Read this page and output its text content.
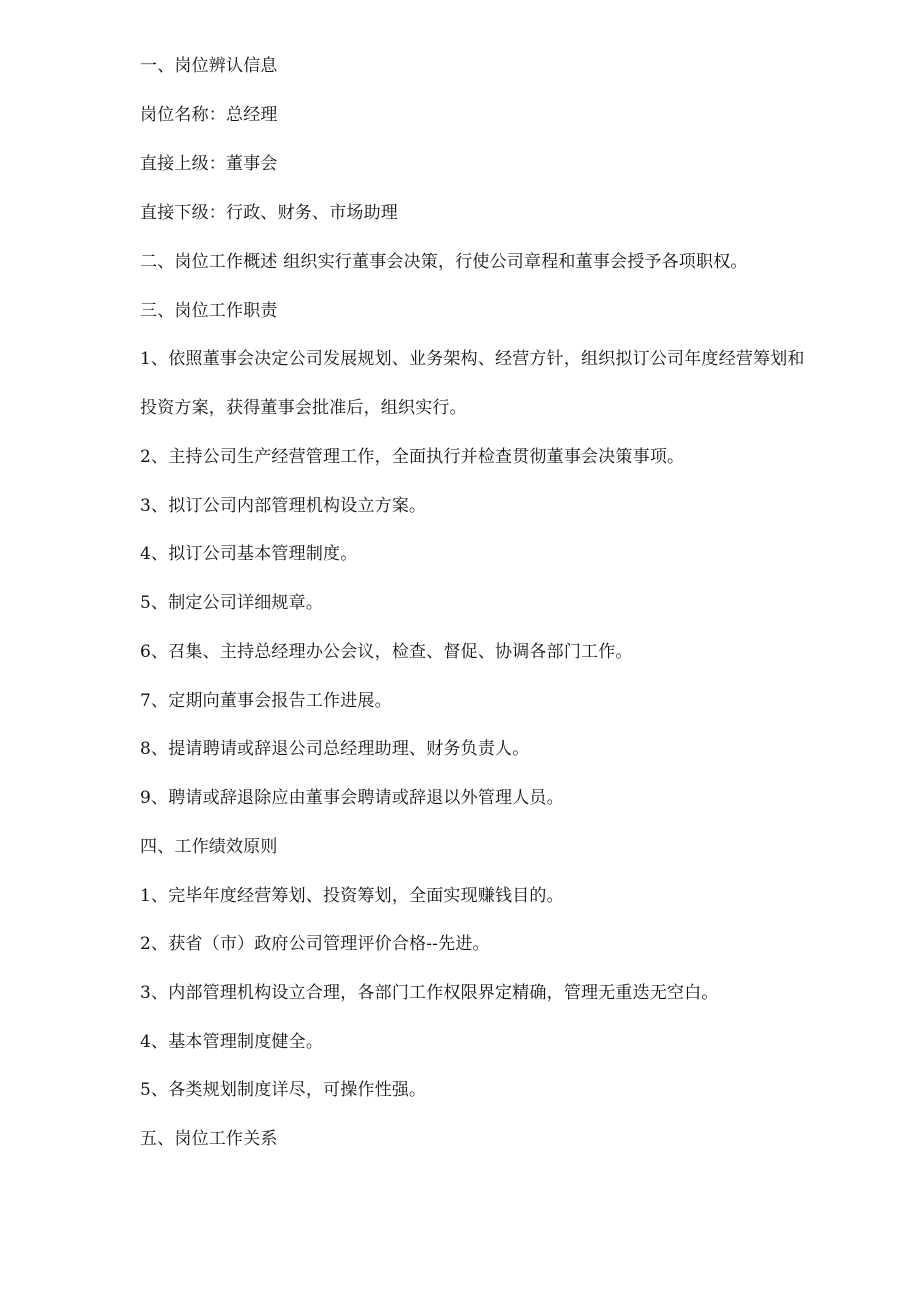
一、岗位辨认信息
岗位名称：总经理
直接上级：董事会
直接下级：行政、财务、市场助理
二、岗位工作概述 组织实行董事会决策，行使公司章程和董事会授予各项职权。
三、岗位工作职责
1、依照董事会决定公司发展规划、业务架构、经营方针，组织拟订公司年度经营筹划和
投资方案，获得董事会批准后，组织实行。
2、主持公司生产经营管理工作，全面执行并检查贯彻董事会决策事项。
3、拟订公司内部管理机构设立方案。
4、拟订公司基本管理制度。
5、制定公司详细规章。
6、召集、主持总经理办公会议，检查、督促、协调各部门工作。
7、定期向董事会报告工作进展。
8、提请聘请或辞退公司总经理助理、财务负责人。
9、聘请或辞退除应由董事会聘请或辞退以外管理人员。
四、工作绩效原则
1、完毕年度经营筹划、投资筹划，全面实现赚钱目的。
2、获省（市）政府公司管理评价合格--先进。
3、内部管理机构设立合理，各部门工作权限界定精确，管理无重迭无空白。
4、基本管理制度健全。
5、各类规划制度详尽，可操作性强。
五、岗位工作关系
